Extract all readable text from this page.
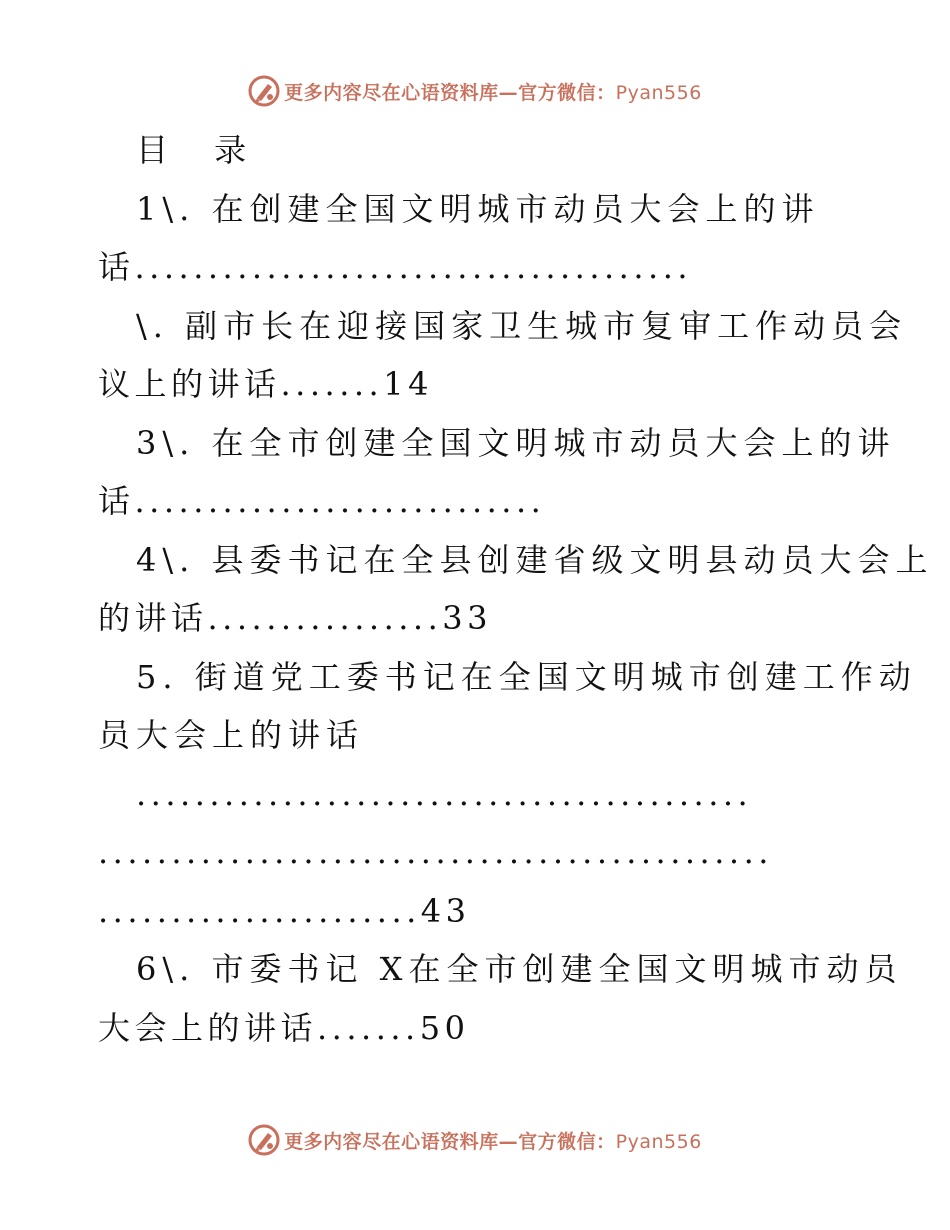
更多内容尽在心语资料库—官方微信：Pyan556
目 录
1\. 在创建全国文明城市动员大会上的讲
话......................................
\. 副市长在迎接国家卫生城市复审工作动员会
议上的讲话.......14
3\. 在全市创建全国文明城市动员大会上的讲
话............................
4\. 县委书记在全县创建省级文明县动员大会上
的讲话................33
5. 街道党工委书记在全国文明城市创建工作动
员大会上的讲话
..........................................
..............................................
......................43
6\. 市委书记 X在全市创建全国文明城市动员
大会上的讲话.......50
更多内容尽在心语资料库—官方微信：Pyan556
